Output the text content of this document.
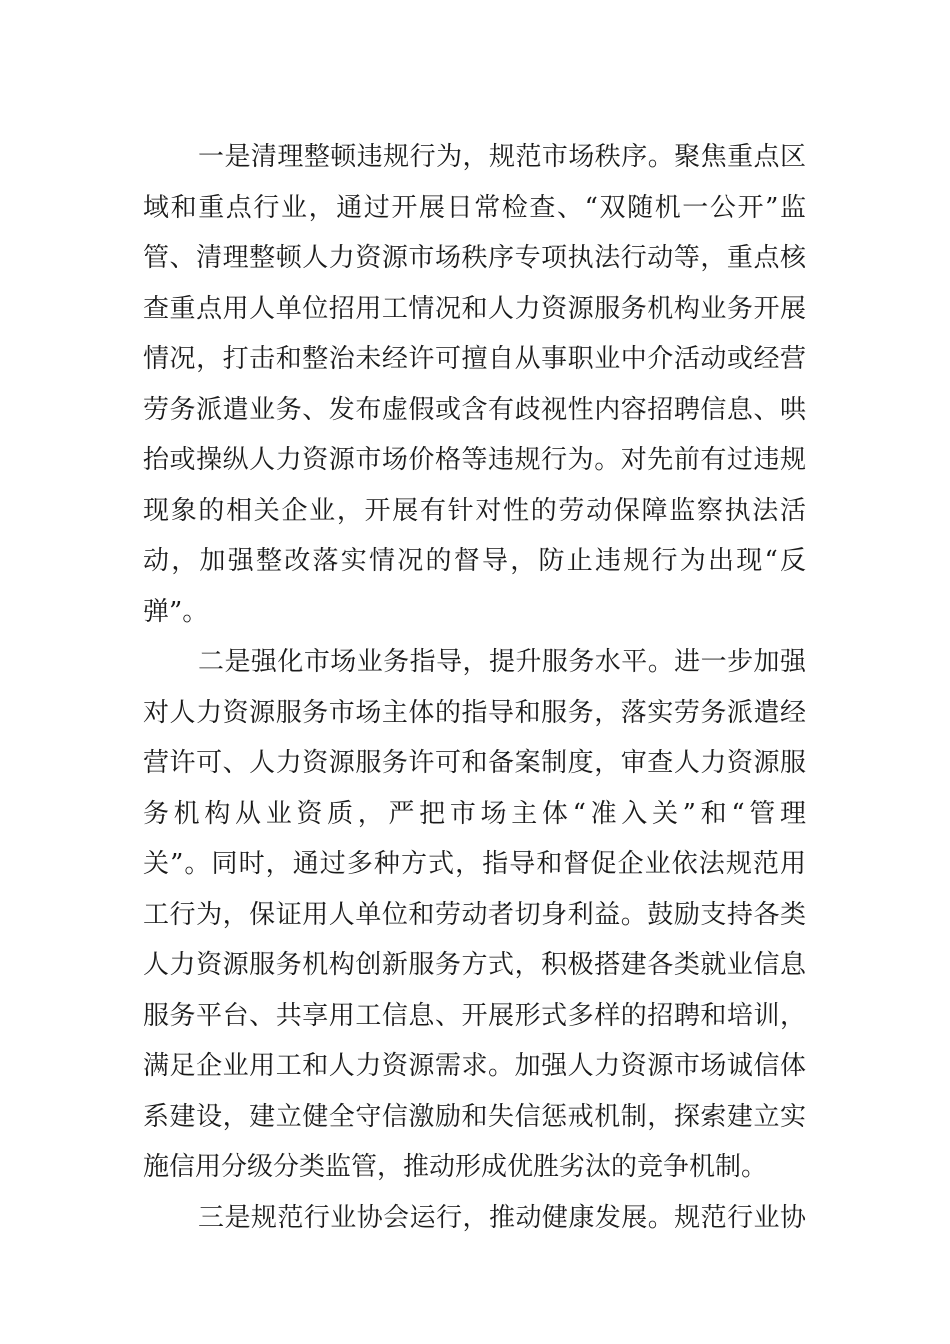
一是清理整顿违规行为，规范市场秩序。聚焦重点区
域和重点行业，通过开展日常检查、“双随机一公开”监
管、清理整顿人力资源市场秩序专项执法行动等，重点核
查重点用人单位招用工情况和人力资源服务机构业务开展
情况，打击和整治未经许可擅自从事职业中介活动或经营
劳务派遣业务、发布虚假或含有歧视性内容招聘信息、哄
抬或操纵人力资源市场价格等违规行为。对先前有过违规
现象的相关企业，开展有针对性的劳动保障监察执法活
动，加强整改落实情况的督导，防止违规行为出现“反
弹”。
二是强化市场业务指导，提升服务水平。进一步加强
对人力资源服务市场主体的指导和服务，落实劳务派遣经
营许可、人力资源服务许可和备案制度，审查人力资源服
务机构从业资质，严把市场主体“准入关”和“管理
关”。同时，通过多种方式，指导和督促企业依法规范用
工行为，保证用人单位和劳动者切身利益。鼓励支持各类
人力资源服务机构创新服务方式，积极搭建各类就业信息
服务平台、共享用工信息、开展形式多样的招聘和培训，
满足企业用工和人力资源需求。加强人力资源市场诚信体
系建设，建立健全守信激励和失信惩戒机制，探索建立实
施信用分级分类监管，推动形成优胜劣汰的竞争机制。
三是规范行业协会运行，推动健康发展。规范行业协
